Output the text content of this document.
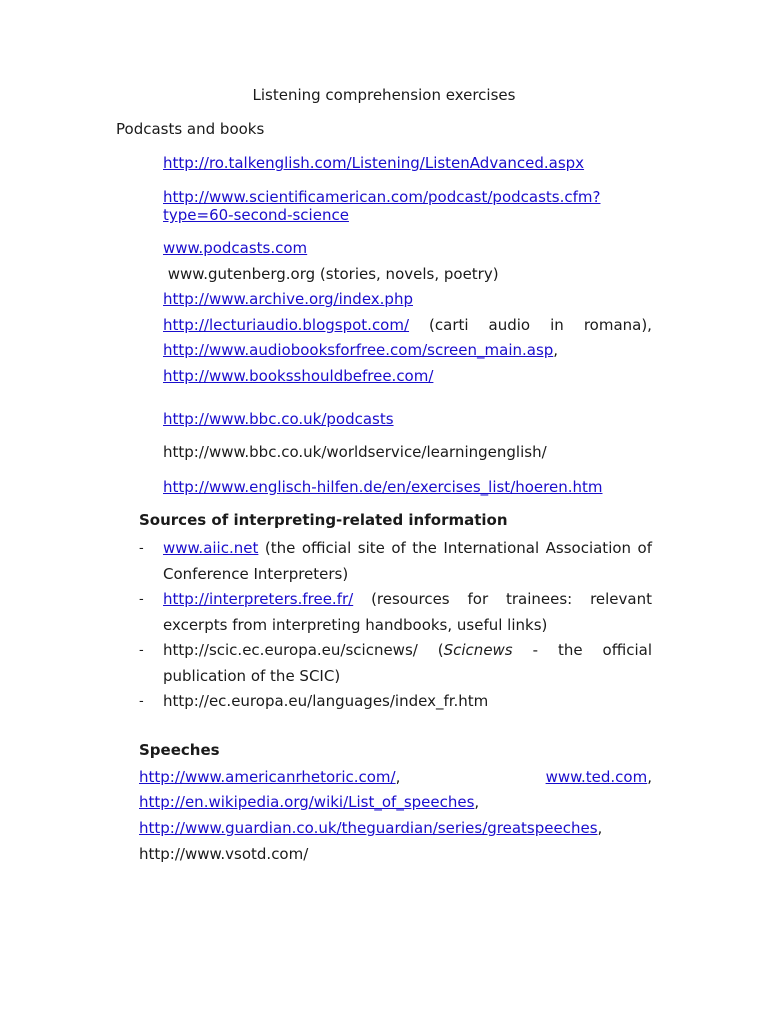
Listening comprehension exercises
Podcasts and books
http://ro.talkenglish.com/Listening/ListenAdvanced.aspx
http://www.scientificamerican.com/podcast/podcasts.cfm?
type=60-second-science
www.podcasts.com
www.gutenberg.org (stories, novels, poetry)
http://www.archive.org/index.php
http://lecturiaudio.blogspot.com/ (carti audio in romana),
http://www.audiobooksforfree.com/screen_main.asp,
http://www.booksshouldbefree.com/
http://www.bbc.co.uk/podcasts
http://www.bbc.co.uk/worldservice/learningenglish/
http://www.englisch-hilfen.de/en/exercises_list/hoeren.htm
Sources of interpreting-related information
- www.aiic.net (the official site of the International Association of Conference Interpreters)
- http://interpreters.free.fr/ (resources for trainees: relevant excerpts from interpreting handbooks, useful links)
- http://scic.ec.europa.eu/scicnews/ (Scicnews - the official publication of the SCIC)
- http://ec.europa.eu/languages/index_fr.htm
Speeches
http://www.americanrhetoric.com/,	www.ted.com,
http://en.wikipedia.org/wiki/List_of_speeches,
http://www.guardian.co.uk/theguardian/series/greatspeeches,
http://www.vsotd.com/
